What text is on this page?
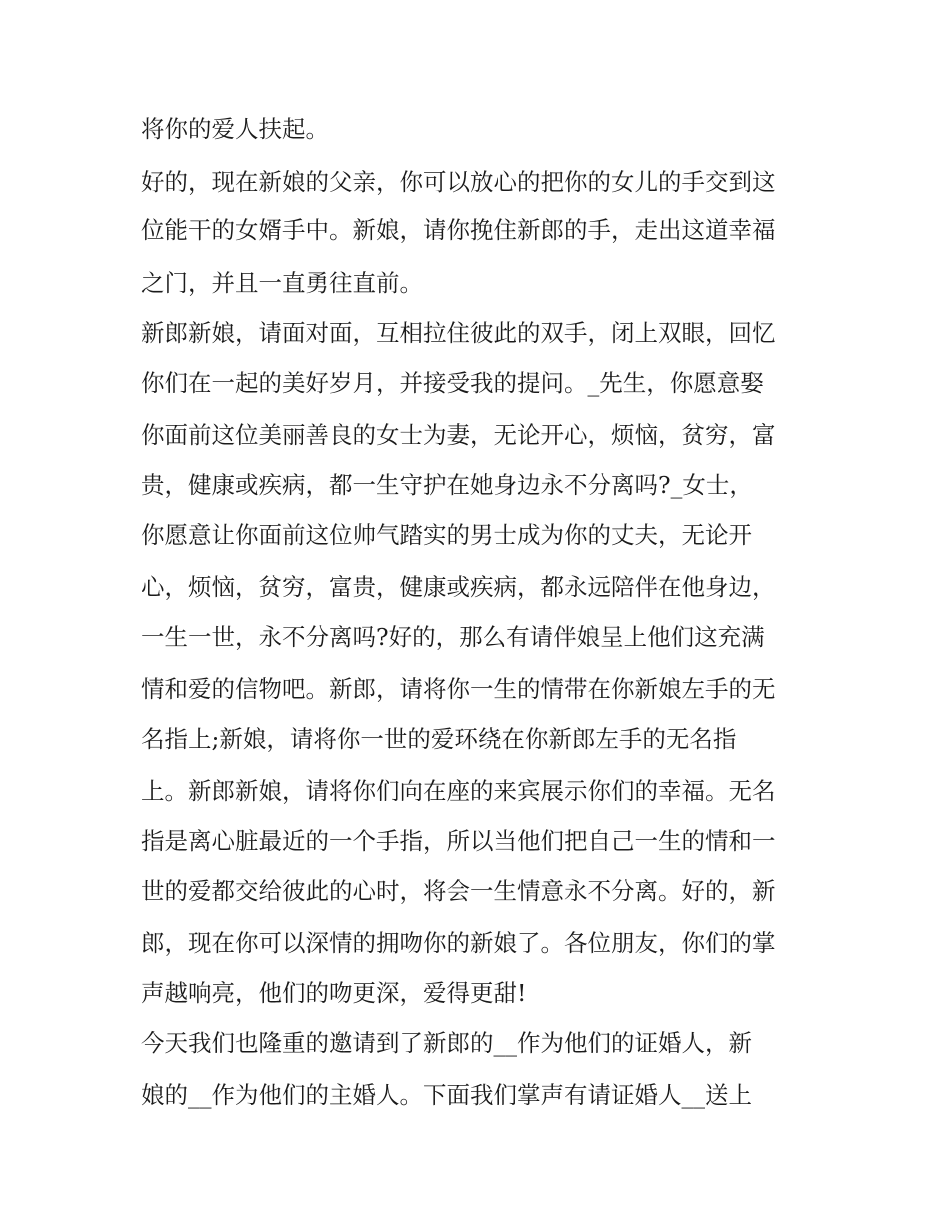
将你的爱人扶起。
好的，现在新娘的父亲，你可以放心的把你的女儿的手交到这
位能干的女婿手中。新娘，请你挽住新郎的手，走出这道幸福
之门，并且一直勇往直前。
新郎新娘，请面对面，互相拉住彼此的双手，闭上双眼，回忆
你们在一起的美好岁月，并接受我的提问。_先生，你愿意娶
你面前这位美丽善良的女士为妻，无论开心，烦恼，贫穷，富
贵，健康或疾病，都一生守护在她身边永不分离吗?_女士，
你愿意让你面前这位帅气踏实的男士成为你的丈夫，无论开
心，烦恼，贫穷，富贵，健康或疾病，都永远陪伴在他身边，
一生一世，永不分离吗?好的，那么有请伴娘呈上他们这充满
情和爱的信物吧。新郎，请将你一生的情带在你新娘左手的无
名指上;新娘，请将你一世的爱环绕在你新郎左手的无名指
上。新郎新娘，请将你们向在座的来宾展示你们的幸福。无名
指是离心脏最近的一个手指，所以当他们把自己一生的情和一
世的爱都交给彼此的心时，将会一生情意永不分离。好的，新
郎，现在你可以深情的拥吻你的新娘了。各位朋友，你们的掌
声越响亮，他们的吻更深，爱得更甜!
今天我们也隆重的邀请到了新郎的__作为他们的证婚人，新
娘的__作为他们的主婚人。下面我们掌声有请证婚人__送上
